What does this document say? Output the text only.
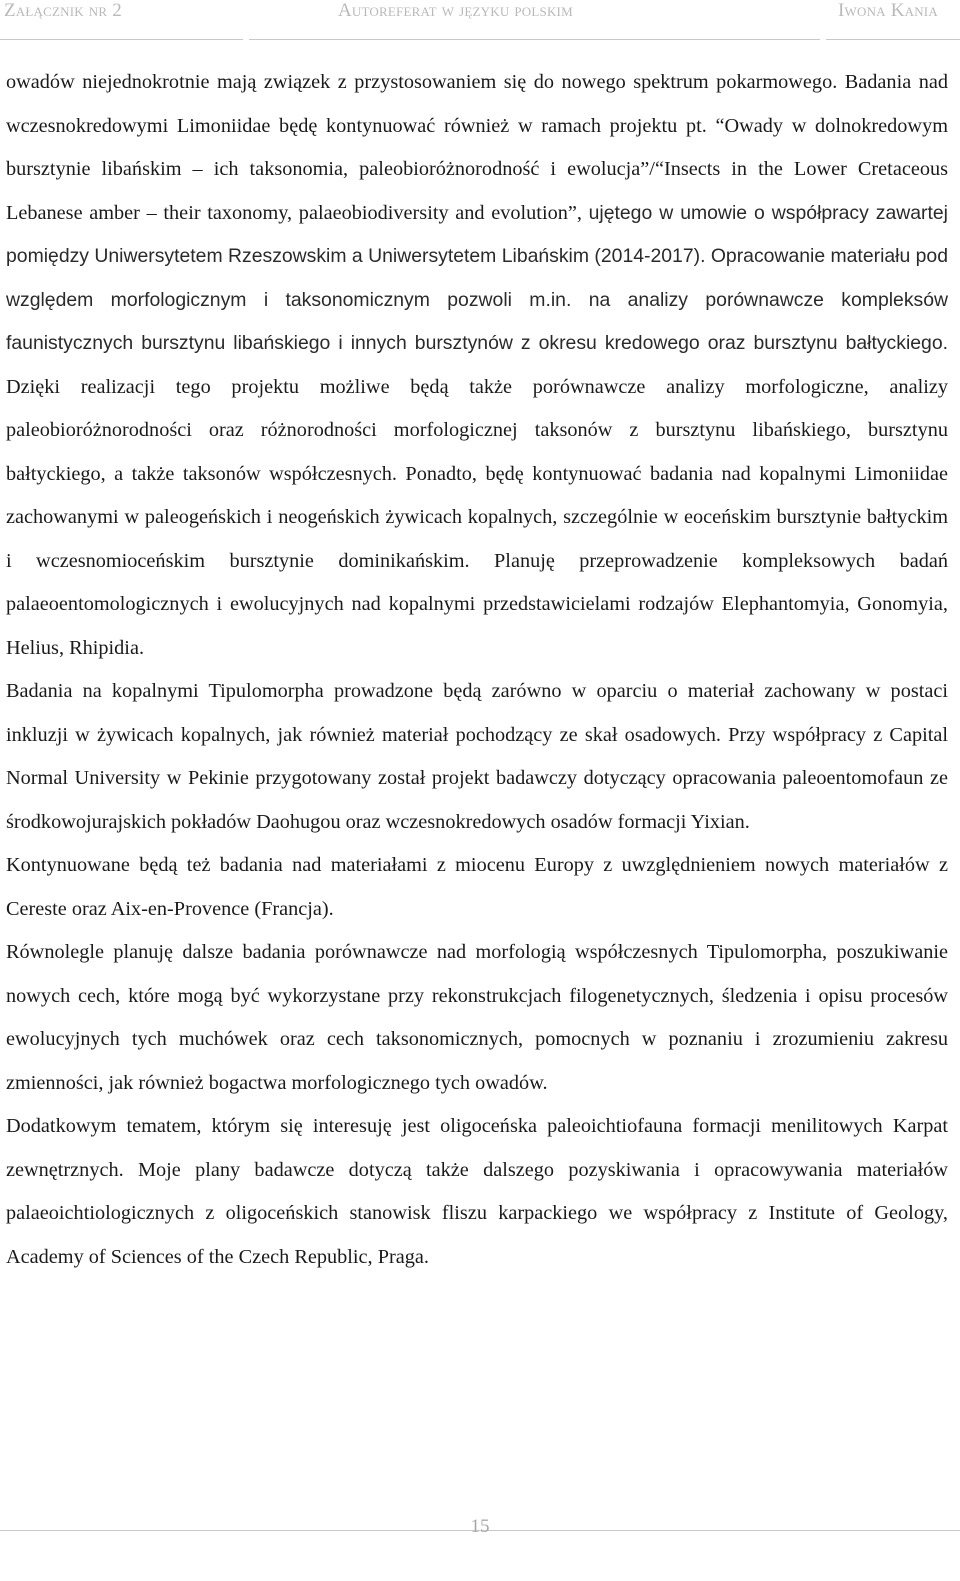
Załącznik nr 2	Autoreferat w języku polskim	Iwona Kania

owadów niejednokrotnie mają związek z przystosowaniem się do nowego spektrum pokarmowego. Badania nad wczesnokredowymi Limoniidae będę kontynuować również w ramach projektu pt. “Owady w dolnokredowym bursztynie libańskim – ich taksonomia, paleobioróżnorodność i ewolucja”/“Insects in the Lower Cretaceous Lebanese amber – their taxonomy, palaeobiodiversity and evolution”, ujętego w umowie o współpracy zawartej pomiędzy Uniwersytetem Rzeszowskim a Uniwersytetem Libańskim (2014-2017). Opracowanie materiału pod względem morfologicznym i taksonomicznym pozwoli m.in. na analizy porównawcze kompleksów faunistycznych bursztynu libańskiego i innych bursztynów z okresu kredowego oraz bursztynu bałtyckiego. Dzięki realizacji tego projektu możliwe będą także porównawcze analizy morfologiczne, analizy paleobioróżnorodności oraz różnorodności morfologicznej taksonów z bursztynu libańskiego, bursztynu bałtyckiego, a także taksonów współczesnych. Ponadto, będę kontynuować badania nad kopalnymi Limoniidae zachowanymi w paleogeńskich i neogeńskich żywicach kopalnych, szczególnie w eoceńskim bursztynie bałtyckim i wczesnomioceńskim bursztynie dominikańskim. Planuję przeprowadzenie kompleksowych badań palaeoentomologicznych i ewolucyjnych nad kopalnymi przedstawicielami rodzajów Elephantomyia, Gonomyia, Helius, Rhipidia.

Badania na kopalnymi Tipulomorpha prowadzone będą zarówno w oparciu o materiał zachowany w postaci inkluzji w żywicach kopalnych, jak również materiał pochodzący ze skał osadowych. Przy współpracy z Capital Normal University w Pekinie przygotowany został projekt badawczy dotyczący opracowania paleoentomofaun ze środkowojurajskich pokładów Daohugou oraz wczesnokredowych osadów formacji Yixian.

Kontynuowane będą też badania nad materiałami z miocenu Europy z uwzględnieniem nowych materiałów z Cereste oraz Aix-en-Provence (Francja).

Równolegle planuję dalsze badania porównawcze nad morfologią współczesnych Tipulomorpha, poszukiwanie nowych cech, które mogą być wykorzystane przy rekonstrukcjach filogenetycznych, śledzenia i opisu procesów ewolucyjnych tych muchówek oraz cech taksonomicznych, pomocnych w poznaniu i zrozumieniu zakresu zmienności, jak również bogactwa morfologicznego tych owadów.

Dodatkowym tematem, którym się interesuję jest oligoceńska paleoichtiofauna formacji menilitowych Karpat zewnętrznych. Moje plany badawcze dotyczą także dalszego pozyskiwania i opracowywania materiałów palaeoichtiologicznych z oligoceńskich stanowisk fliszu karpackiego we współpracy z Institute of Geology, Academy of Sciences of the Czech Republic, Praga.

15
